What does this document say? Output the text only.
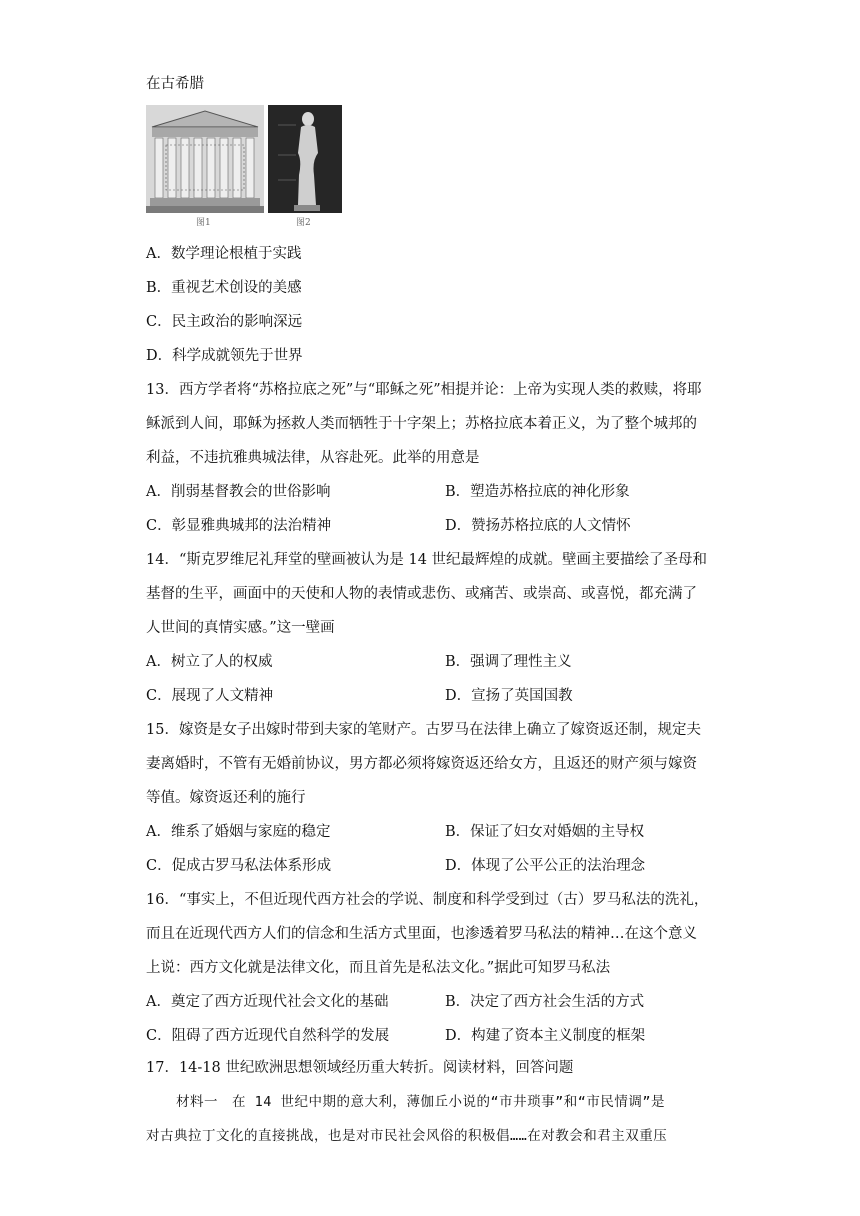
在古希腊
图1	图2
A．数学理论根植于实践
B．重视艺术创设的美感
C．民主政治的影响深远
D．科学成就领先于世界
13．西方学者将“苏格拉底之死”与“耶稣之死”相提并论：上帝为实现人类的救赎，将耶
稣派到人间，耶稣为拯救人类而牺牲于十字架上；苏格拉底本着正义，为了整个城邦的
利益，不违抗雅典城法律，从容赴死。此举的用意是
A．削弱基督教会的世俗影响	B．塑造苏格拉底的神化形象
C．彰显雅典城邦的法治精神	D．赞扬苏格拉底的人文情怀
14．“斯克罗维尼礼拜堂的壁画被认为是 14 世纪最辉煌的成就。壁画主要描绘了圣母和
基督的生平，画面中的天使和人物的表情或悲伤、或痛苦、或崇高、或喜悦，都充满了
人世间的真情实感。”这一壁画
A．树立了人的权威	B．强调了理性主义
C．展现了人文精神	D．宣扬了英国国教
15．嫁资是女子出嫁时带到夫家的笔财产。古罗马在法律上确立了嫁资返还制，规定夫
妻离婚时，不管有无婚前协议，男方都必须将嫁资返还给女方，且返还的财产须与嫁资
等值。嫁资返还利的施行
A．维系了婚姻与家庭的稳定	B．保证了妇女对婚姻的主导权
C．促成古罗马私法体系形成	D．体现了公平公正的法治理念
16．“事实上，不但近现代西方社会的学说、制度和科学受到过（古）罗马私法的洗礼，
而且在近现代西方人们的信念和生活方式里面，也渗透着罗马私法的精神…在这个意义
上说：西方文化就是法律文化，而且首先是私法文化。”据此可知罗马私法
A．奠定了西方近现代社会文化的基础	B．决定了西方社会生活的方式
C．阻碍了西方近现代自然科学的发展	D．构建了资本主义制度的框架
17．14-18 世纪欧洲思想领域经历重大转折。阅读材料，回答问题
材料一　在 14 世纪中期的意大利，薄伽丘小说的“市井琐事”和“市民情调”是
对古典拉丁文化的直接挑战，也是对市民社会风俗的积极倡……在对教会和君主双重压
